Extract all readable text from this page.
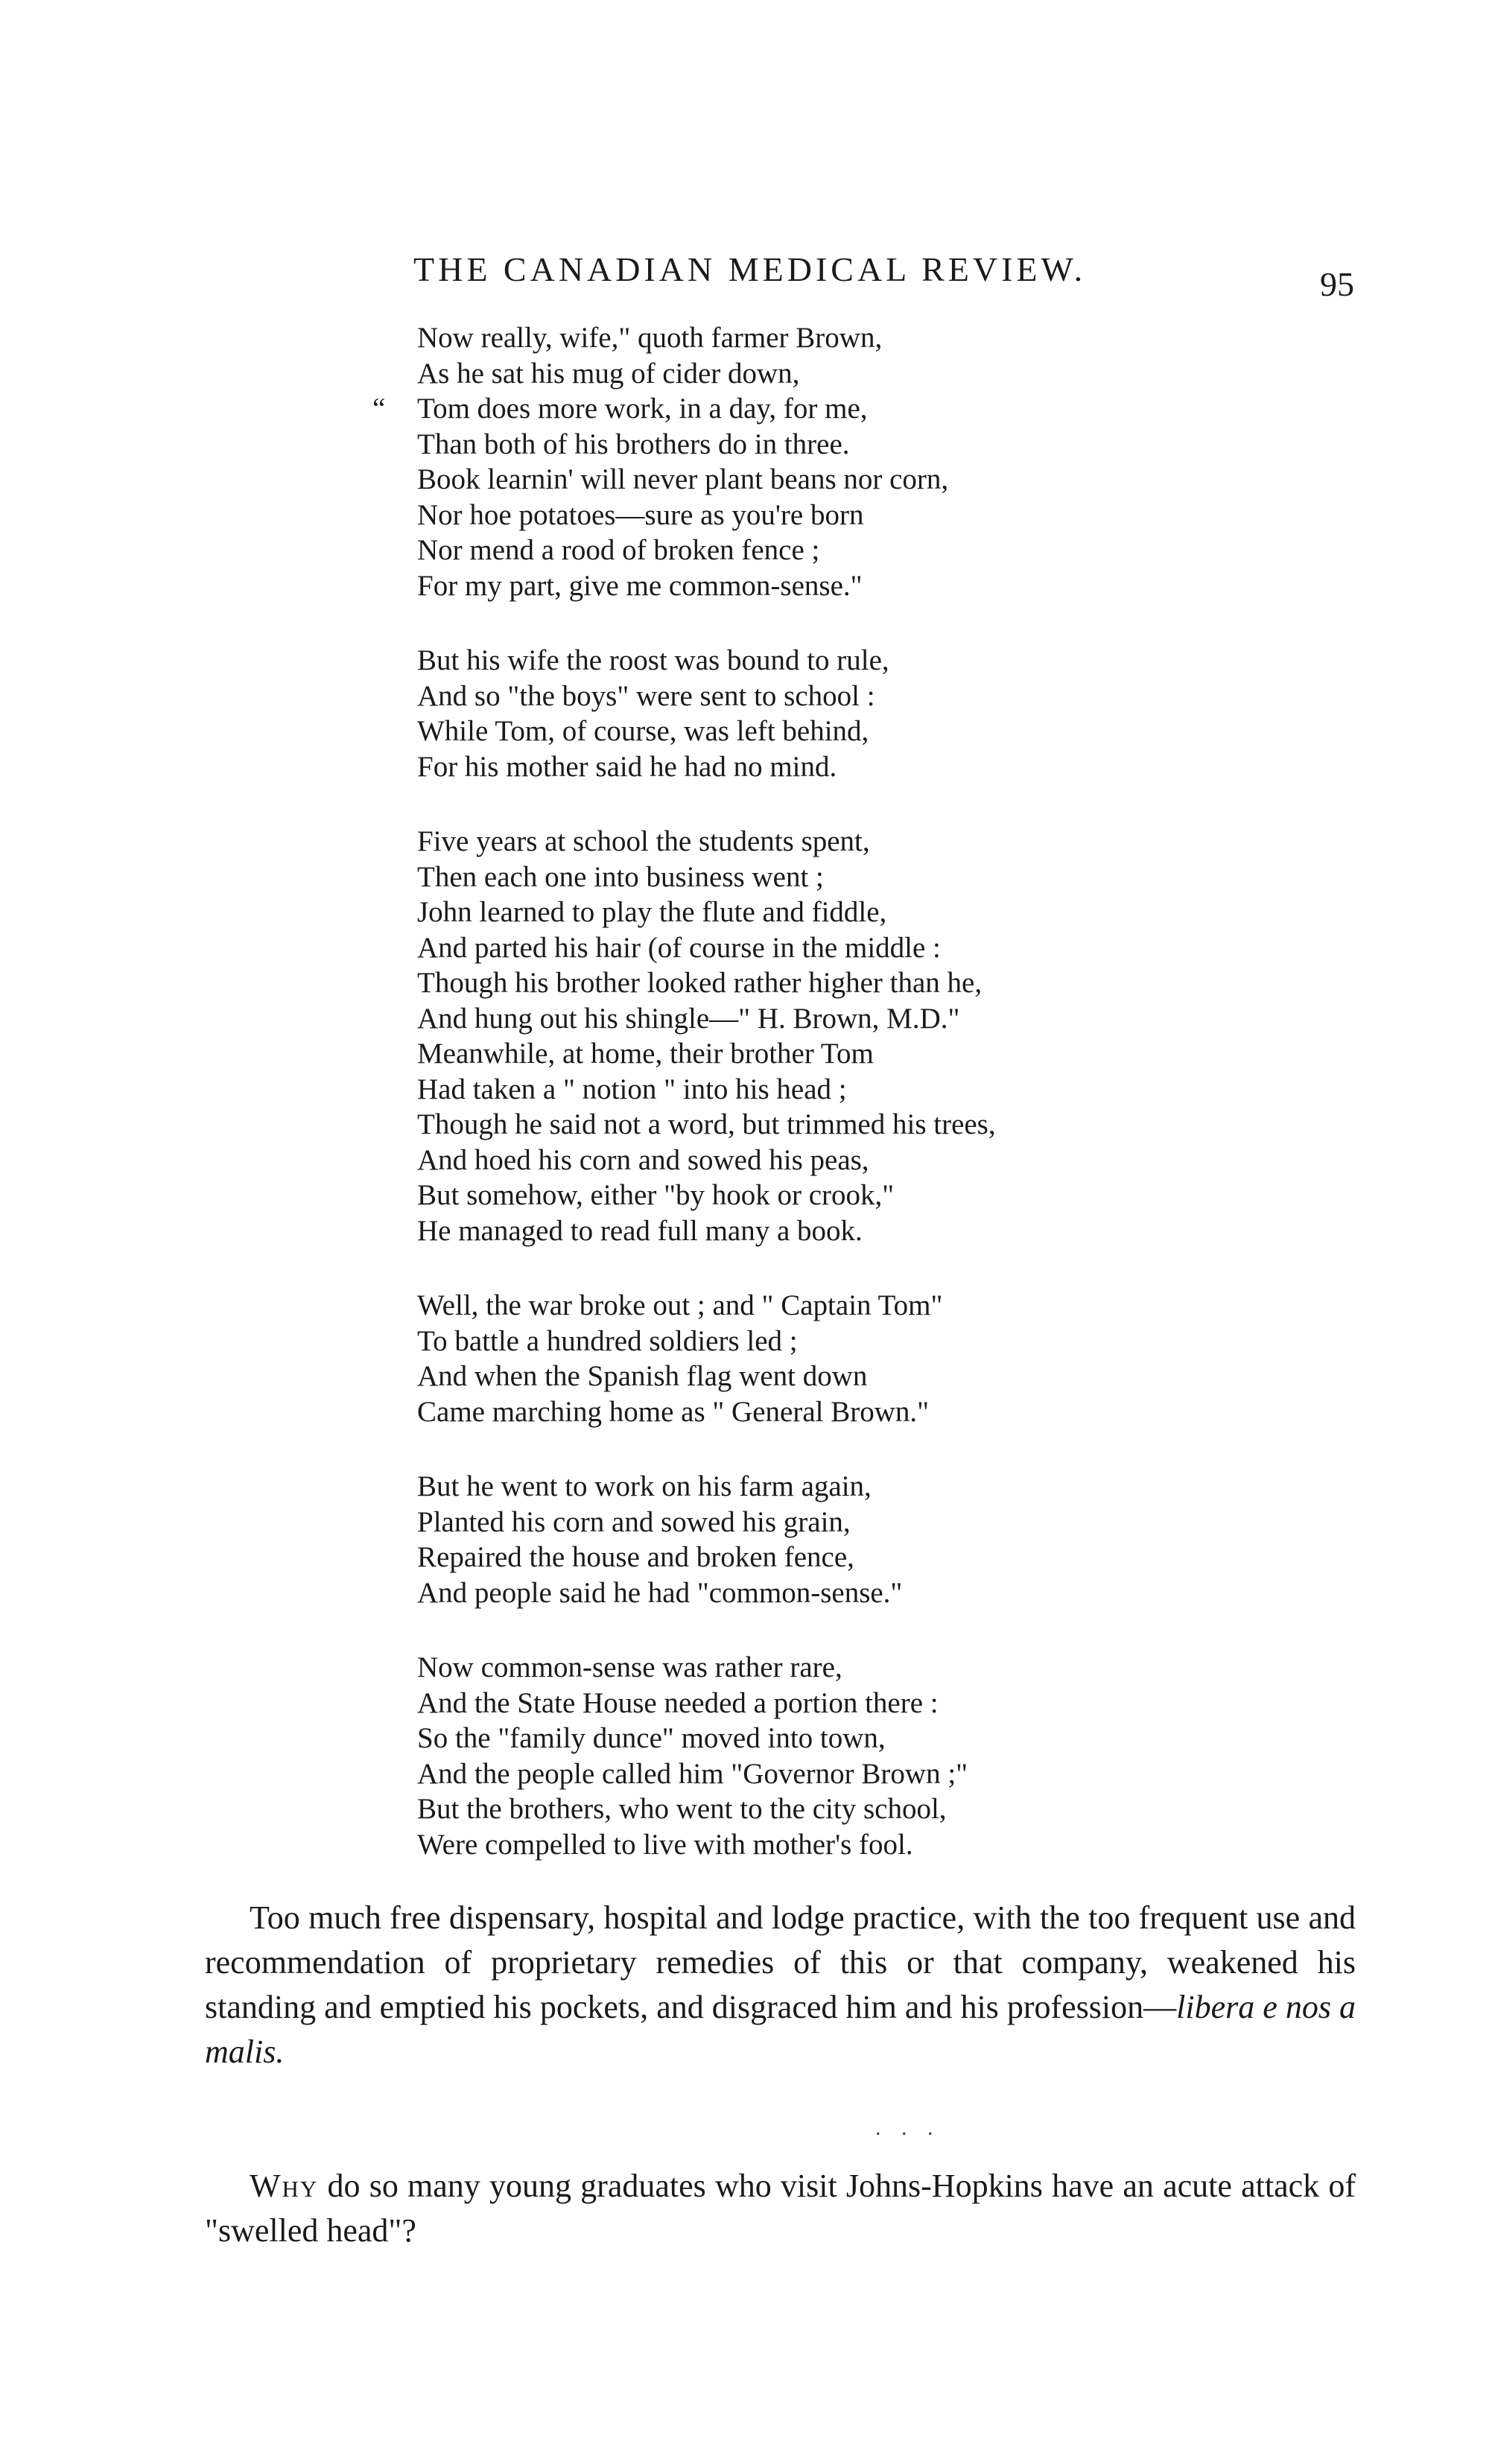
THE CANADIAN MEDICAL REVIEW.	95
Now really, wife," quoth farmer Brown,
As he sat his mug of cider down,
“ Tom does more work, in a day, for me,
Than both of his brothers do in three.
Book learnin' will never plant beans nor corn,
Nor hoe potatoes—sure as you're born
Nor mend a rood of broken fence ;
For my part, give me common-sense."
But his wife the roost was bound to rule,
And so "the boys" were sent to school :
While Tom, of course, was left behind,
For his mother said he had no mind.
Five years at school the students spent,
Then each one into business went ;
John learned to play the flute and fiddle,
And parted his hair (of course in the middle :
Though his brother looked rather higher than he,
And hung out his shingle—" H. Brown, M.D."
Meanwhile, at home, their brother Tom
Had taken a " notion " into his head ;
Though he said not a word, but trimmed his trees,
And hoed his corn and sowed his peas,
But somehow, either "by hook or crook,"
He managed to read full many a book.
Well, the war broke out ; and " Captain Tom"
To battle a hundred soldiers led ;
And when the Spanish flag went down
Came marching home as " General Brown."
But he went to work on his farm again,
Planted his corn and sowed his grain,
Repaired the house and broken fence,
And people said he had "common-sense."
Now common-sense was rather rare,
And the State House needed a portion there :
So the "family dunce" moved into town,
And the people called him "Governor Brown ;"
But the brothers, who went to the city school,
Were compelled to live with mother's fool.
Too much free dispensary, hospital and lodge practice, with the too frequent use and recommendation of proprietary remedies of this or that company, weakened his standing and emptied his pockets, and disgraced him and his profession—libera e nos a malis.
. . .
Why do so many young graduates who visit Johns-Hopkins have an acute attack of "swelled head"?
